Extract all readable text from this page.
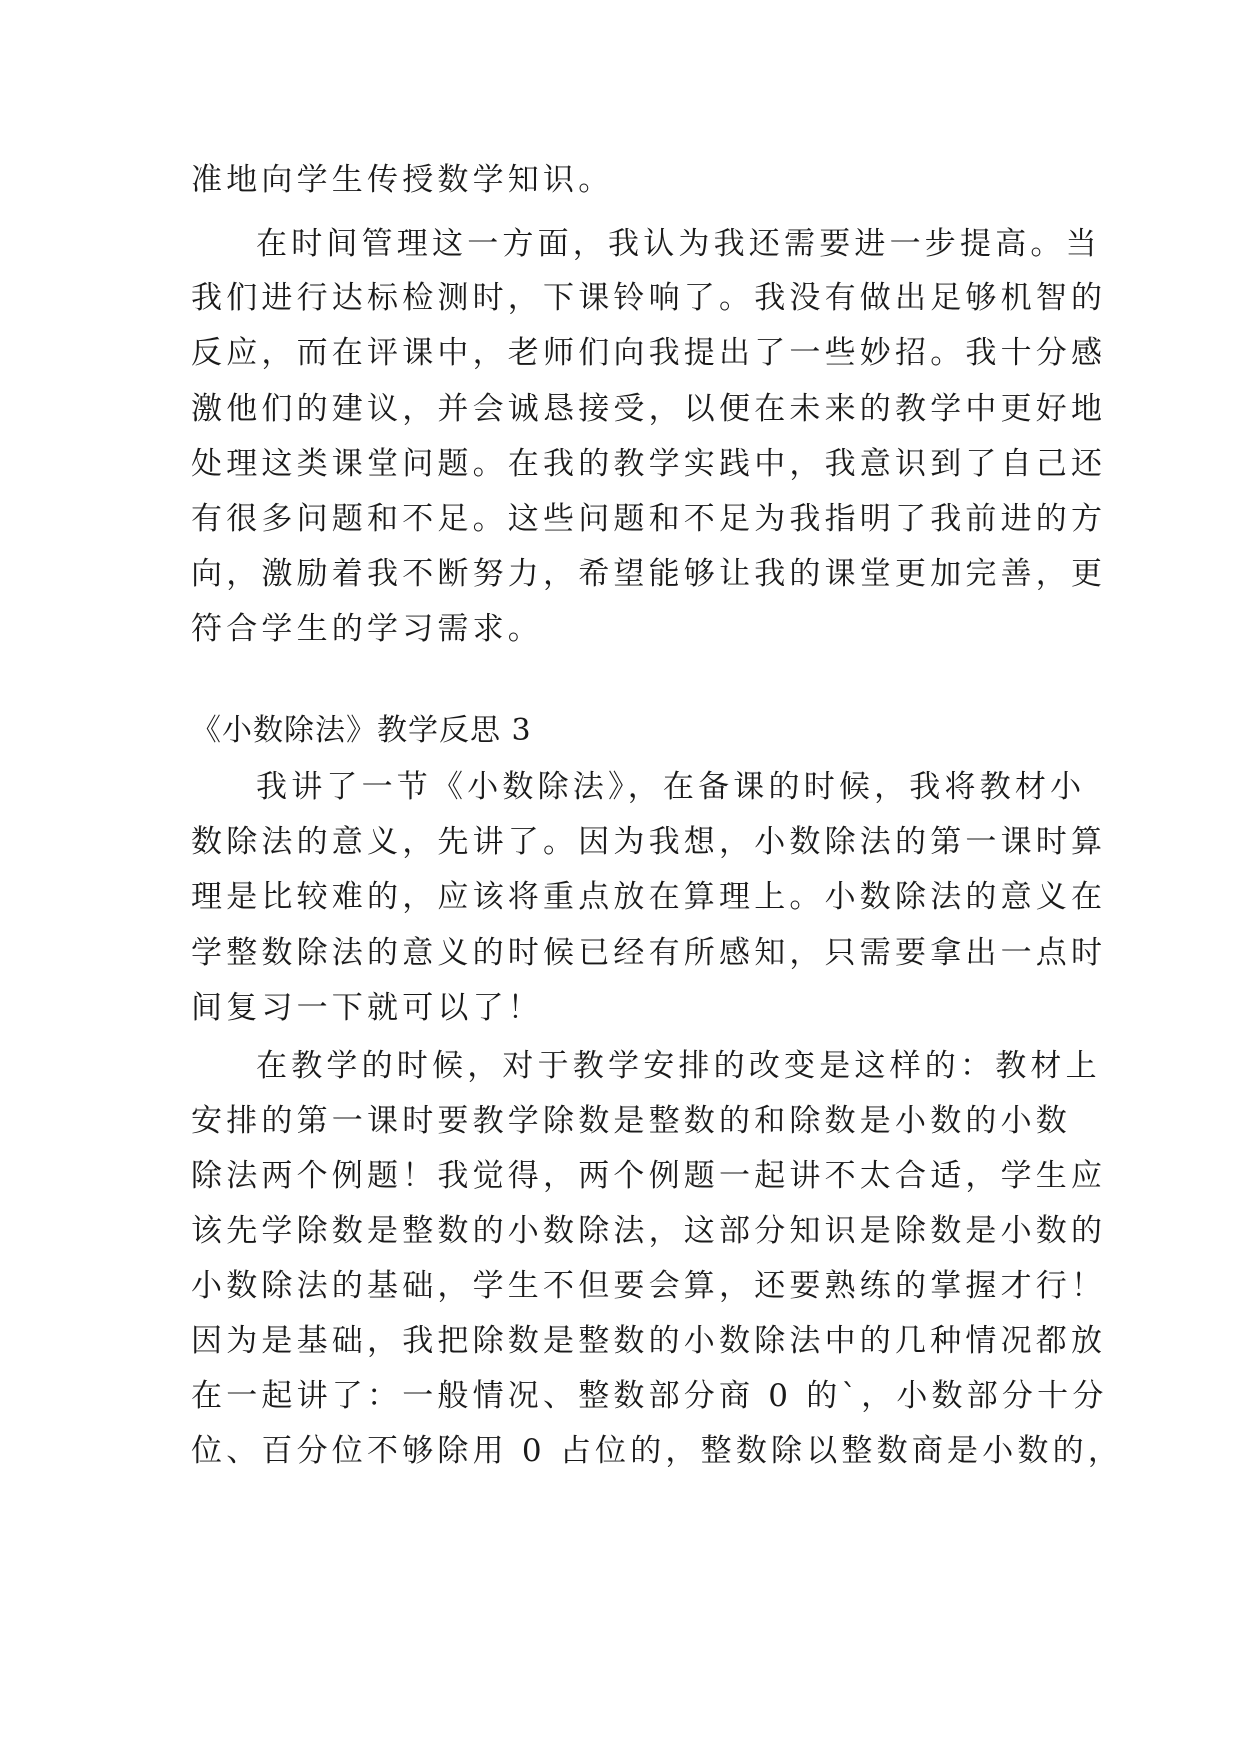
准地向学生传授数学知识。
在时间管理这一方面，我认为我还需要进一步提高。当
我们进行达标检测时，下课铃响了。我没有做出足够机智的
反应，而在评课中，老师们向我提出了一些妙招。我十分感
激他们的建议，并会诚恳接受，以便在未来的教学中更好地
处理这类课堂问题。在我的教学实践中，我意识到了自己还
有很多问题和不足。这些问题和不足为我指明了我前进的方
向，激励着我不断努力，希望能够让我的课堂更加完善，更
符合学生的学习需求。
《小数除法》教学反思 3
我讲了一节《小数除法》，在备课的时候，我将教材小
数除法的意义，先讲了。因为我想，小数除法的第一课时算
理是比较难的，应该将重点放在算理上。小数除法的意义在
学整数除法的意义的时候已经有所感知，只需要拿出一点时
间复习一下就可以了！
在教学的时候，对于教学安排的改变是这样的：教材上
安排的第一课时要教学除数是整数的和除数是小数的小数
除法两个例题！我觉得，两个例题一起讲不太合适，学生应
该先学除数是整数的小数除法，这部分知识是除数是小数的
小数除法的基础，学生不但要会算，还要熟练的掌握才行！
因为是基础，我把除数是整数的小数除法中的几种情况都放
在一起讲了：一般情况、整数部分商 0 的`，小数部分十分
位、百分位不够除用 0 占位的，整数除以整数商是小数的，
